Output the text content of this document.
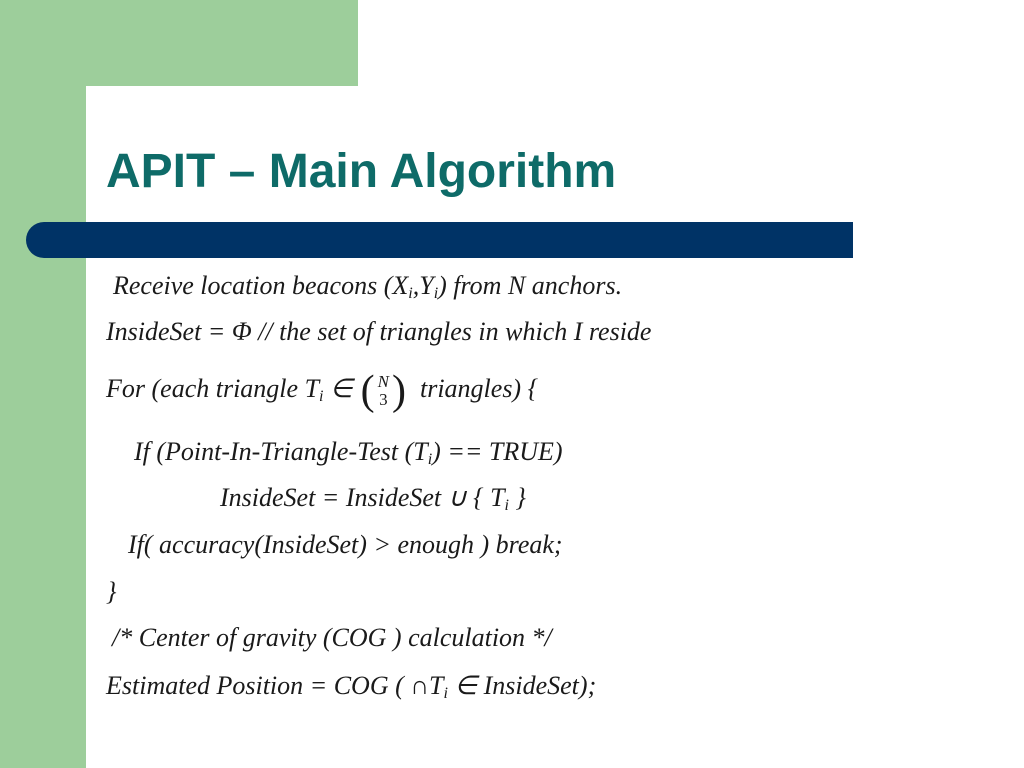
APIT – Main Algorithm
Receive location beacons $(X_i,Y_i)$ from N anchors.
InsideSet = Φ // the set of triangles in which I reside
For (each triangle $T_i$ ∈ ( N
3 ) triangles) {
If (Point-In-Triangle-Test $(T_i)$ == TRUE)
InsideSet = InsideSet ∪ { $T_i$ }
If( accuracy(InsideSet) > enough ) break;
}
/* Center of gravity (COG ) calculation */
Estimated Position = COG ( $\cap T_i$ ∈ InsideSet);
